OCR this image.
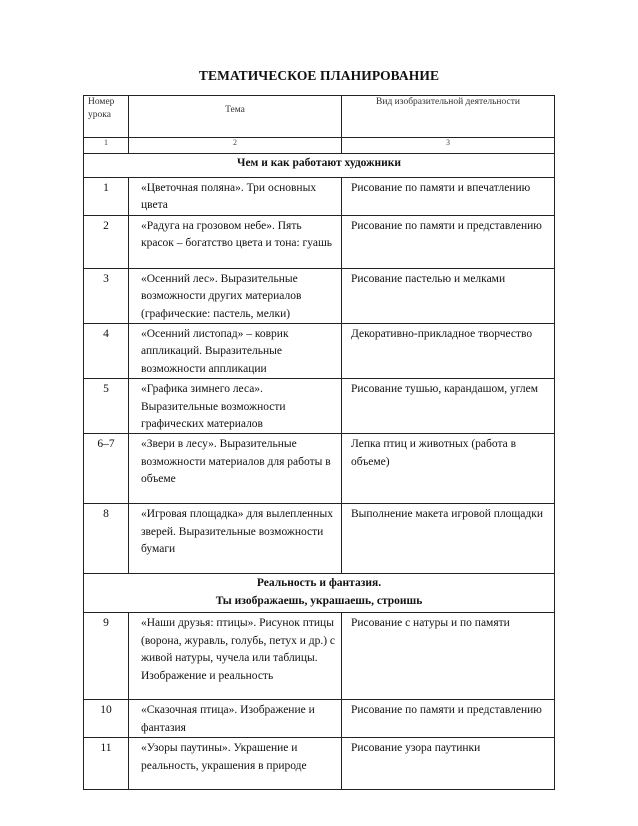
ТЕМАТИЧЕСКОЕ ПЛАНИРОВАНИЕ
Номер урока	Тема	Вид изобразительной деятельности
1	2	3
Чем и как работают художники		
1	«Цветочная поляна». Три основных цвета	Рисование по памяти и впечатлению
2	«Радуга на грозовом небе». Пять красок – богатство цвета и тона: гуашь	Рисование по памяти и представлению
3	«Осенний лес». Выразительные возможности других материалов (графические: пастель, мелки)	Рисование пастелью и мелками
4	«Осенний листопад» – коврик аппликаций. Выразительные возможности аппликации	Декоративно-прикладное творчество
5	«Графика зимнего леса». Выразительные возможности графических материалов	Рисование тушью, карандашом, углем
6–7	«Звери в лесу». Выразительные возможности материалов для работы в объеме	Лепка птиц и животных (работа в объеме)
8	«Игровая площадка» для вылепленных зверей. Выразительные возможности бумаги	Выполнение макета игровой площадки

Реальность и фантазия.
Ты изображаешь, украшаешь, строишь		

9	«Наши друзья: птицы». Рисунок птицы (ворона, журавль, голубь, петух и др.) с живой натуры, чучела или таблицы. Изображение и реальность	Рисование с натуры и по памяти
10	«Сказочная птица». Изображение и фантазия	Рисование по памяти и представлению
11	«Узоры паутины». Украшение и реальность, украшения в природе	Рисование узора паутинки
